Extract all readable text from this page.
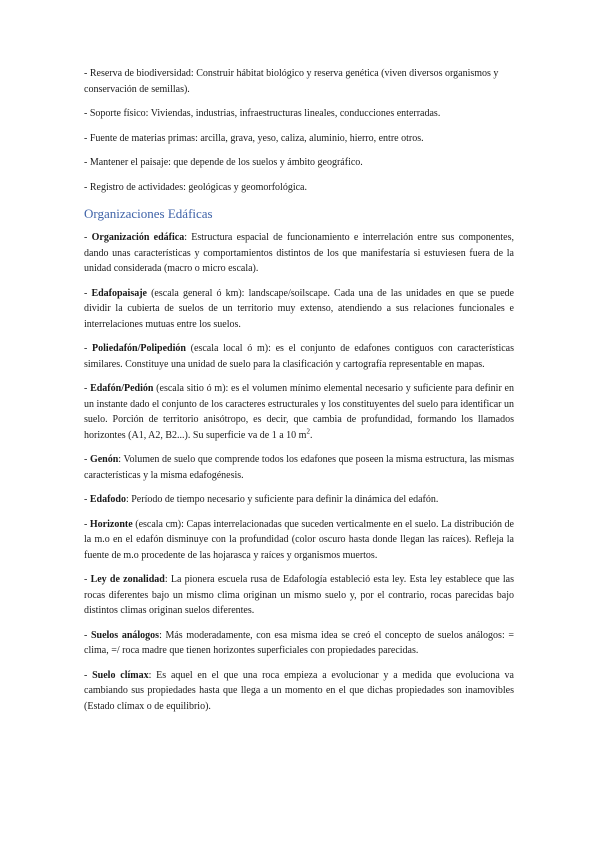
- Reserva de biodiversidad: Construir hábitat biológico y reserva genética (viven diversos organismos y conservación de semillas).

- Soporte físico: Viviendas, industrias, infraestructuras lineales, conducciones enterradas.

- Fuente de materias primas: arcilla, grava, yeso, caliza, aluminio, hierro, entre otros.

- Mantener el paisaje: que depende de los suelos y ámbito geográfico.

- Registro de actividades: geológicas y geomorfológica.

Organizaciones Edáficas

- Organización edáfica: Estructura espacial de funcionamiento e interrelación entre sus componentes, dando unas características y comportamientos distintos de los que manifestaría si estuviesen fuera de la unidad considerada (macro o micro escala).

- Edafopaisaje (escala general ó km): landscape/soilscape. Cada una de las unidades en que se puede dividir la cubierta de suelos de un territorio muy extenso, atendiendo a sus relaciones funcionales e interrelaciones mutuas entre los suelos.

- Poliedafón/Polipedión (escala local ó m): es el conjunto de edafones contiguos con características similares. Constituye una unidad de suelo para la clasificación y cartografía representable en mapas.

- Edafón/Pedión (escala sitio ó m): es el volumen mínimo elemental necesario y suficiente para definir en un instante dado el conjunto de los caracteres estructurales y los constituyentes del suelo para identificar un suelo. Porción de territorio anisótropo, es decir, que cambia de profundidad, formando los llamados horizontes (A1, A2, B2...). Su superficie va de 1 a 10 $m^2$.

- Genón: Volumen de suelo que comprende todos los edafones que poseen la misma estructura, las mismas características y la misma edafogénesis.

- Edafodo: Período de tiempo necesario y suficiente para definir la dinámica del edafón.

- Horizonte (escala cm): Capas interrelacionadas que suceden verticalmente en el suelo. La distribución de la m.o en el edafón disminuye con la profundidad (color oscuro hasta donde llegan las raíces). Refleja la fuente de m.o procedente de las hojarasca y raíces y organismos muertos.

- Ley de zonalidad: La pionera escuela rusa de Edafología estableció esta ley. Esta ley establece que las rocas diferentes bajo un mismo clima originan un mismo suelo y, por el contrario, rocas parecidas bajo distintos climas originan suelos diferentes.

- Suelos análogos: Más moderadamente, con esa misma idea se creó el concepto de suelos análogos: = clima, =/ roca madre que tienen horizontes superficiales con propiedades parecidas.

- Suelo clímax: Es aquel en el que una roca empieza a evolucionar y a medida que evoluciona va cambiando sus propiedades hasta que llega a un momento en el que dichas propiedades son inamovibles (Estado clímax o de equilibrio).
